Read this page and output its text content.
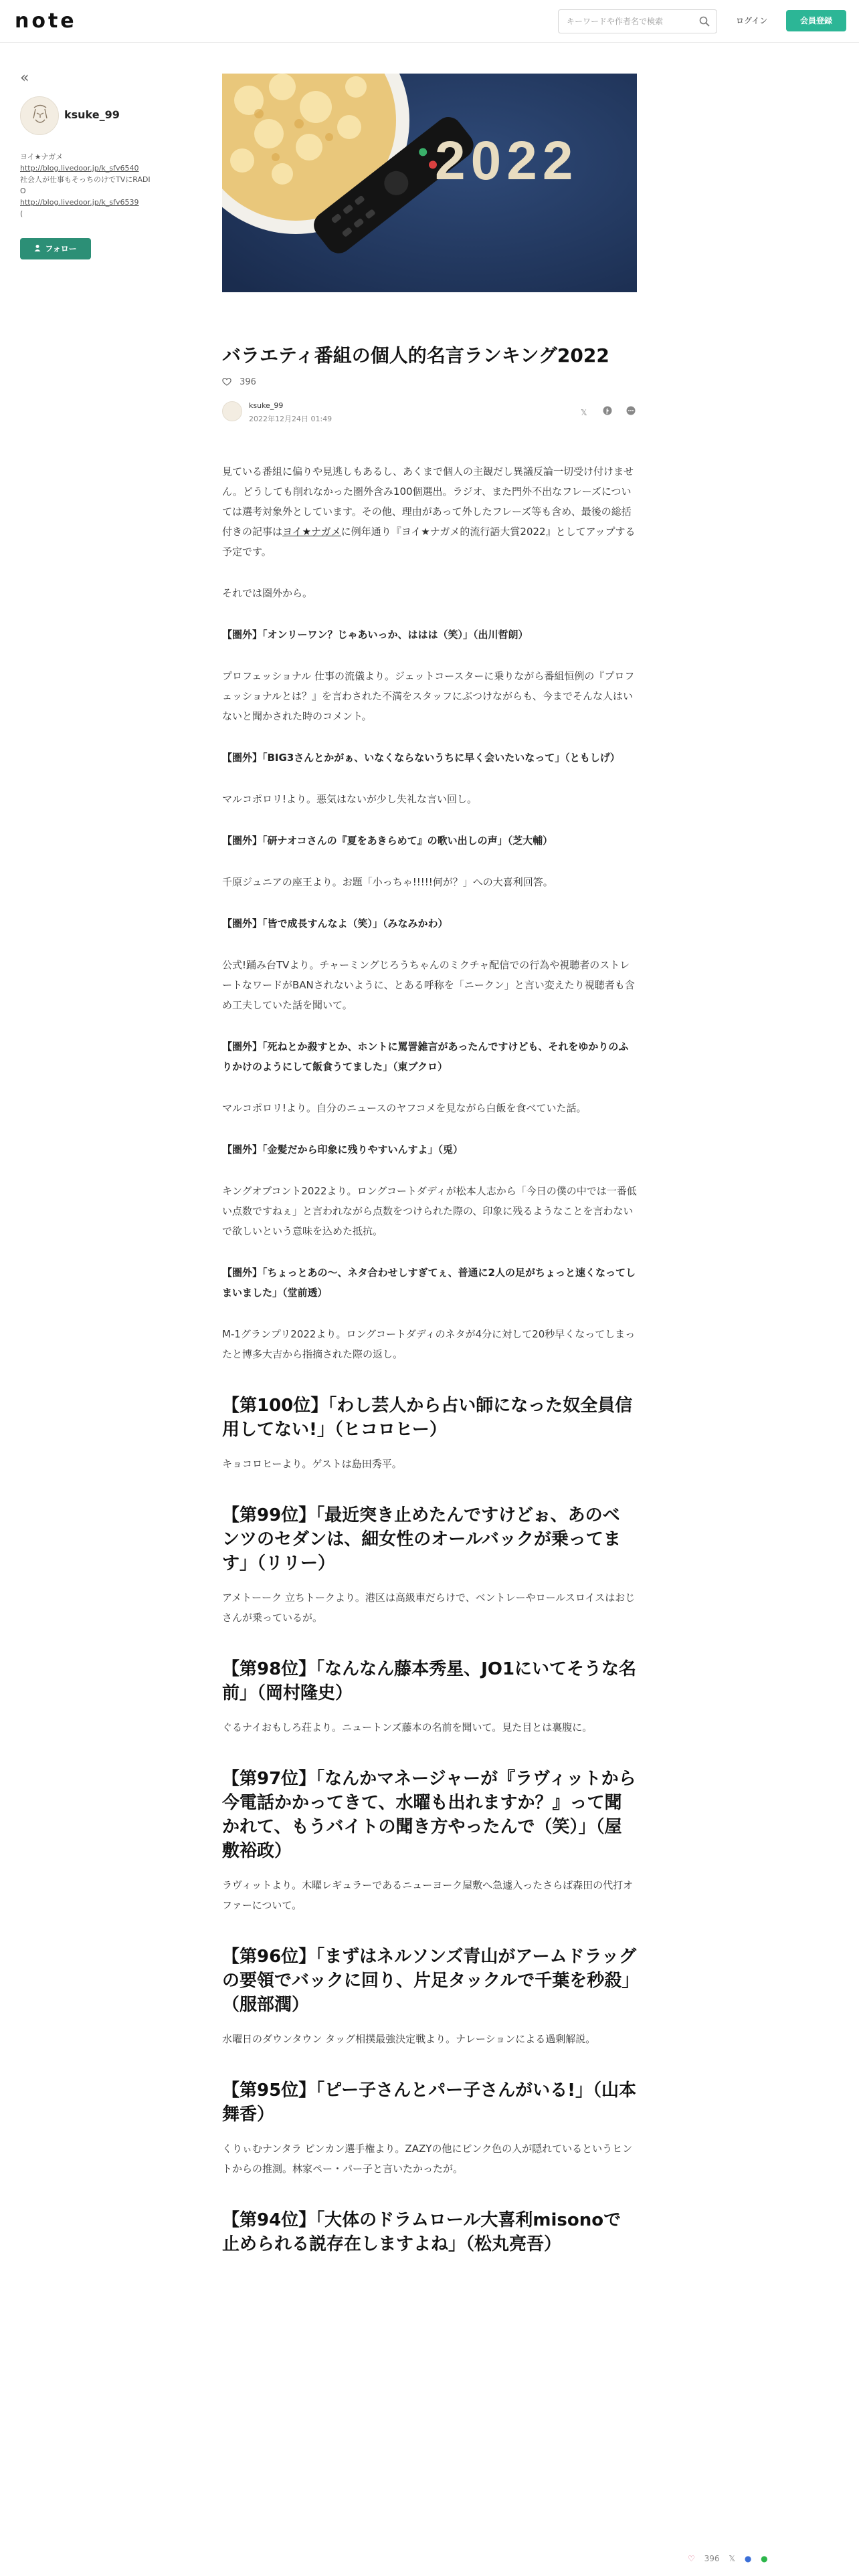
note
キーワードや作者名で検索	ログイン	会員登録
«
ksuke_99
ヨイ★ナガメ
http://blog.livedoor.jp/k_sfv6540
社会人が仕事もそっちのけでTVにRADIO
http://blog.livedoor.jp/k_sfv6539
(
フォロー
2022
バラエティ番組の個人的名言ランキング2022
396
ksuke_99
2022年12月24日 01:49
𝕏

見ている番組に偏りや見逃しもあるし、あくまで個人の主観だし異議反論一切受け付けません。どうしても削れなかった圏外含み100個選出。ラジオ、また門外不出なフレーズについては選考対象外としています。その他、理由があって外したフレーズ等も含め、最後の総括付きの記事はヨイ★ナガメに例年通り『ヨイ★ナガメ的流行語大賞2022』としてアップする予定です。

それでは圏外から。

【圏外】「オンリーワン？じゃあいっか、ははは（笑）」（出川哲朗）

プロフェッショナル 仕事の流儀より。ジェットコースターに乗りながら番組恒例の『プロフェッショナルとは？』を言わされた不満をスタッフにぶつけながらも、今までそんな人はいないと聞かされた時のコメント。

【圏外】「BIG3さんとかがぁ、いなくならないうちに早く会いたいなって」（ともしげ）

マルコポロリ!より。悪気はないが少し失礼な言い回し。

【圏外】「研ナオコさんの『夏をあきらめて』の歌い出しの声」（芝大輔）

千原ジュニアの座王より。お題「小っちゃ!!!!!何が？」への大喜利回答。

【圏外】「皆で成長すんなよ（笑）」（みなみかわ）

公式!踊み台TVより。チャーミングじろうちゃんのミクチャ配信での行為や視聴者のストレートなワードがBANされないように、とある呼称を「ニークン」と言い変えたり視聴者も含め工夫していた話を聞いて。

【圏外】「死ねとか殺すとか、ホントに罵詈雑言があったんですけども、それをゆかりのふりかけのようにして飯食うてました」（東ブクロ）

マルコポロリ!より。自分のニュースのヤフコメを見ながら白飯を食べていた話。

【圏外】「金髪だから印象に残りやすいんすよ」（兎）

キングオブコント2022より。ロングコートダディが松本人志から「今日の僕の中では一番低い点数ですねぇ」と言われながら点数をつけられた際の、印象に残るようなことを言わないで欲しいという意味を込めた抵抗。

【圏外】「ちょっとあの〜、ネタ合わせしすぎてぇ、普通に2人の足がちょっと速くなってしまいました」（堂前透）

M-1グランプリ2022より。ロングコートダディのネタが4分に対して20秒早くなってしまったと博多大吉から指摘された際の返し。

【第100位】「わし芸人から占い師になった奴全員信用してない!」（ヒコロヒー）

キョコロヒーより。ゲストは島田秀平。

【第99位】「最近突き止めたんですけどぉ、あのベンツのセダンは、細女性のオールバックが乗ってます」（リリー）

アメトーーク 立ちトークより。港区は高級車だらけで、ベントレーやロールスロイスはおじさんが乗っているが。

【第98位】「なんなん藤本秀星、JO1にいてそうな名前」（岡村隆史）

ぐるナイおもしろ荘より。ニュートンズ藤本の名前を聞いて。見た目とは裏腹に。

【第97位】「なんかマネージャーが『ラヴィットから今電話かかってきて、水曜も出れますか？』って聞かれて、もうバイトの聞き方やったんで（笑）」（屋敷裕政）

ラヴィットより。木曜レギュラーであるニューヨーク屋敷へ急遽入ったさらば森田の代打オファーについて。

【第96位】「まずはネルソンズ青山がアームドラッグの要領でバックに回り、片足タックルで千葉を秒殺」（服部潤）

水曜日のダウンタウン タッグ相撲最強決定戦より。ナレーションによる過剰解説。

【第95位】「ピー子さんとパー子さんがいる!」（山本舞香）

くりぃむナンタラ ピンカン選手権より。ZAZYの他にピンク色の人が隠れているというヒントからの推測。林家ペー・パー子と言いたかったが。

【第94位】「大体のドラムロール大喜利misonoで止められる説存在しますよね」（松丸亮吾）
♡ 396 𝕏 ● ●
